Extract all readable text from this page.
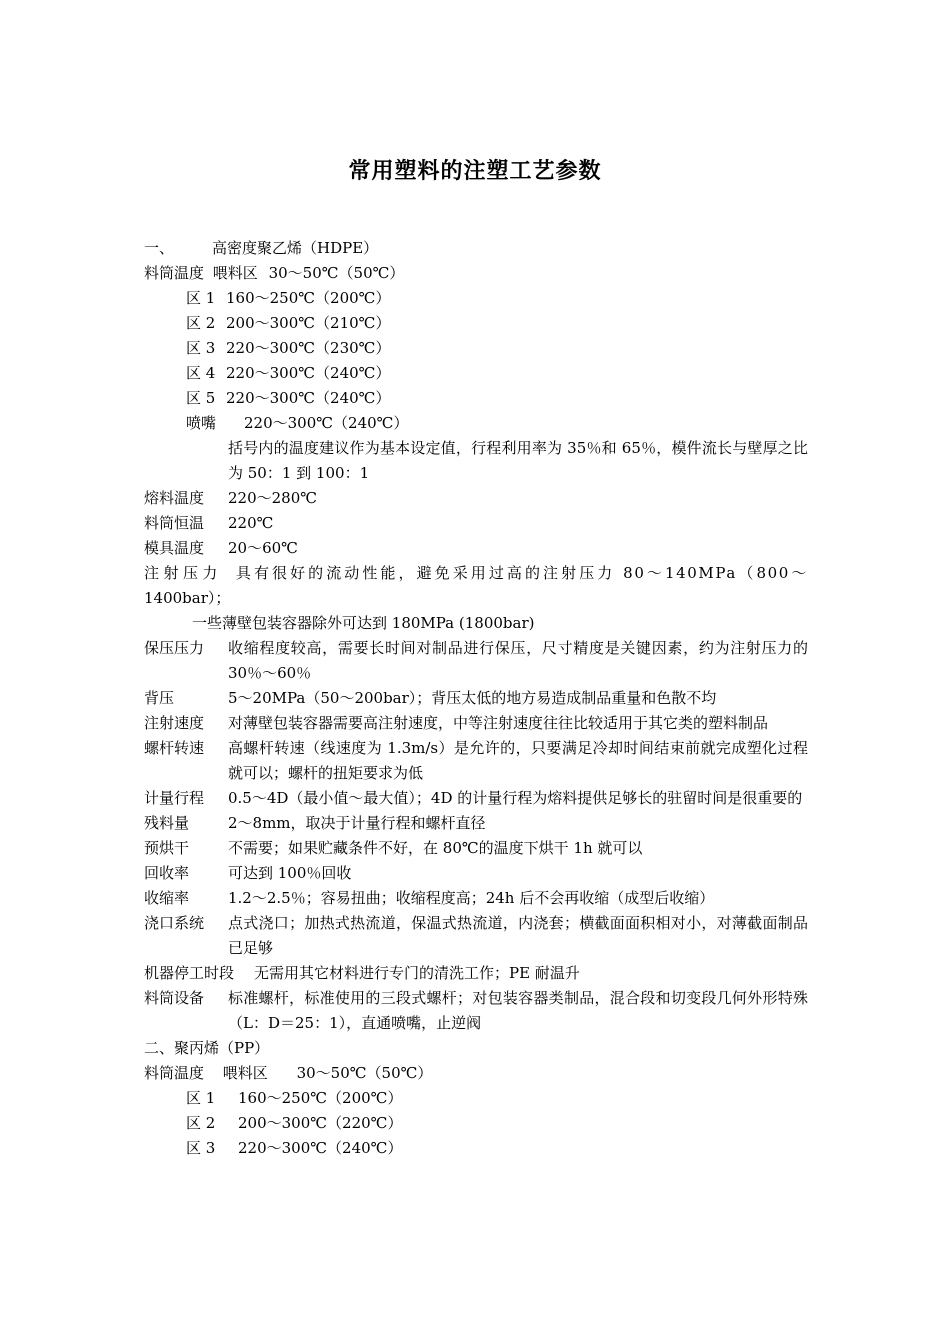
常用塑料的注塑工艺参数
一、	高密度聚乙烯（HDPE）
料筒温度 喂料区 30～50℃（50℃）
区 1 160～250℃（200℃）
区 2 200～300℃（210℃）
区 3 220～300℃（230℃）
区 4 220～300℃（240℃）
区 5 220～300℃（240℃）
喷嘴 220～300℃（240℃）
括号内的温度建议作为基本设定值，行程利用率为 35％和 65％，模件流长与壁厚之比为 50：1 到 100：1
熔料温度	220～280℃
料筒恒温	220℃
模具温度	20～60℃
注射压力 具有很好的流动性能，避免采用过高的注射压力 80～140MPa（800～
1400bar）；
一些薄壁包装容器除外可达到 180MPa (1800bar)
保压压力	收缩程度较高，需要长时间对制品进行保压，尺寸精度是关键因素，约为注射压力的 30％～60％
背压	5～20MPa（50～200bar）；背压太低的地方易造成制品重量和色散不均
注射速度	对薄壁包装容器需要高注射速度，中等注射速度往往比较适用于其它类的塑料制品
螺杆转速	高螺杆转速（线速度为 1.3m/s）是允许的，只要满足冷却时间结束前就完成塑化过程就可以；螺杆的扭矩要求为低
计量行程	0.5～4D（最小值～最大值）；4D 的计量行程为熔料提供足够长的驻留时间是很重要的
残料量	2～8mm，取决于计量行程和螺杆直径
预烘干	不需要；如果贮藏条件不好，在 80℃的温度下烘干 1h 就可以
回收率	可达到 100％回收
收缩率	1.2～2.5％；容易扭曲；收缩程度高；24h 后不会再收缩（成型后收缩）
浇口系统	点式浇口；加热式热流道，保温式热流道，内浇套；横截面面积相对小，对薄截面制品已足够
机器停工时段	无需用其它材料进行专门的清洗工作；PE 耐温升
料筒设备	标准螺杆，标准使用的三段式螺杆；对包装容器类制品，混合段和切变段几何外形特殊（L：D＝25：1），直通喷嘴，止逆阀
二、聚丙烯（PP）
料筒温度 喂料区 30～50℃（50℃）
区 1 160～250℃（200℃）
区 2 200～300℃（220℃）
区 3 220～300℃（240℃）
